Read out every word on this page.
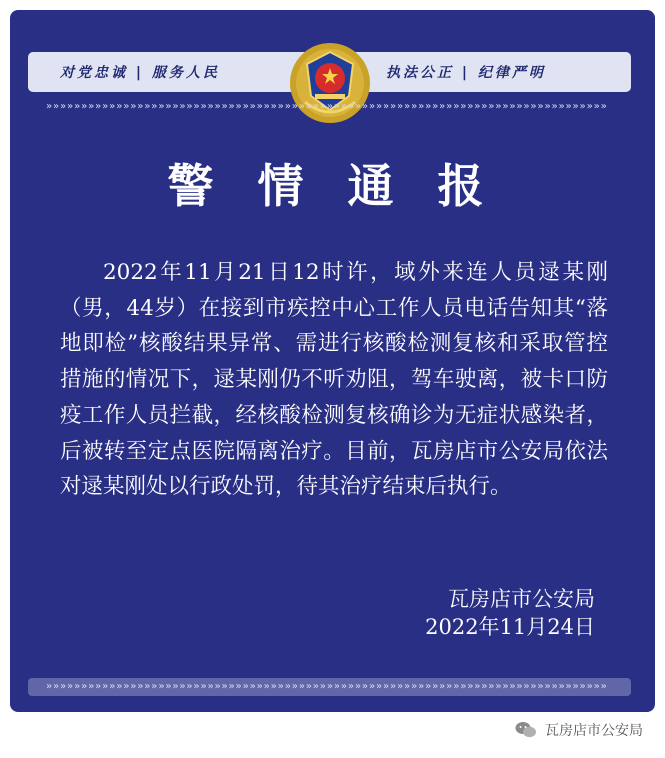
对党忠诚 | 服务人民	执法公正 | 纪律严明
»»»»»»»»»»»»»»»»»»»»»»»»»»»»»»»»»»»»»»»»»»»»»»»»»»»»»»»»»»»»»»»»»»»»»»»»»»»»»»»»
警 情 通 报
2022年11月21日12时许，域外来连人员逯某刚（男，44岁）在接到市疾控中心工作人员电话告知其“落地即检”核酸结果异常、需进行核酸检测复核和采取管控措施的情况下，逯某刚仍不听劝阻，驾车驶离，被卡口防疫工作人员拦截，经核酸检测复核确诊为无症状感染者，后被转至定点医院隔离治疗。目前，瓦房店市公安局依法对逯某刚处以行政处罚，待其治疗结束后执行。
瓦房店市公安局
2022年11月24日
»»»»»»»»»»»»»»»»»»»»»»»»»»»»»»»»»»»»»»»»»»»»»»»»»»»»»»»»»»»»»»»»»»»»»»»»»»»»»»»»
瓦房店市公安局
